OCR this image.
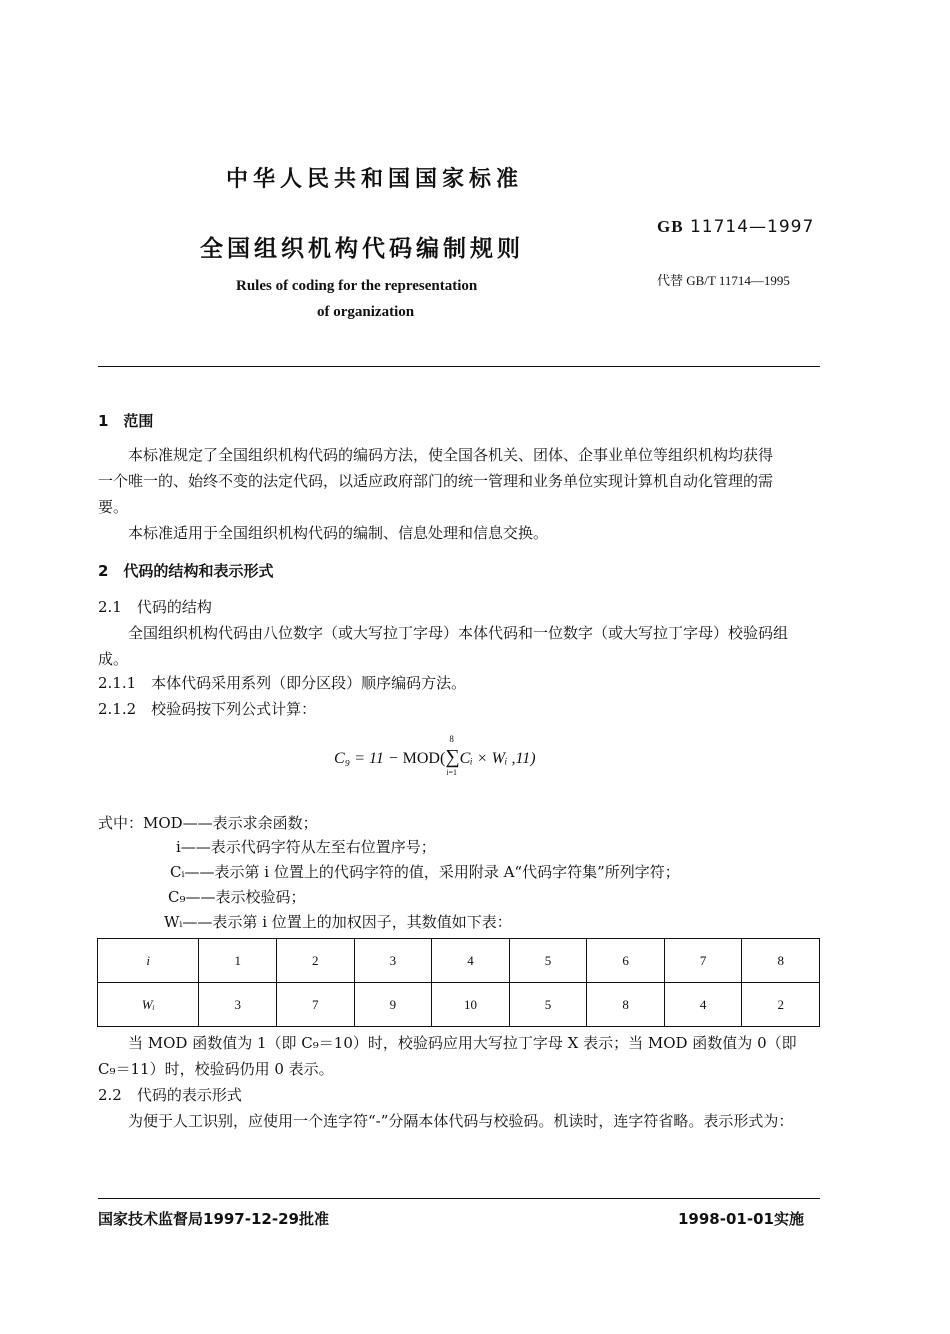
中华人民共和国国家标准
全国组织机构代码编制规则
Rules of coding for the representation
of organization
GB 11714—1997
代替 GB/T 11714—1995
1　范围
本标准规定了全国组织机构代码的编码方法，使全国各机关、团体、企事业单位等组织机构均获得
一个唯一的、始终不变的法定代码，以适应政府部门的统一管理和业务单位实现计算机自动化管理的需
要。
本标准适用于全国组织机构代码的编制、信息处理和信息交换。
2　代码的结构和表示形式
2.1　代码的结构
全国组织机构代码由八位数字（或大写拉丁字母）本体代码和一位数字（或大写拉丁字母）校验码组
成。
2.1.1　本体代码采用系列（即分区段）顺序编码方法。
2.1.2　校验码按下列公式计算：
C₉ = 11 − MOD(∑
8
i=1
Cᵢ × Wᵢ ,11)
式中：MOD——表示求余函数；
i——表示代码字符从左至右位置序号；
Cᵢ——表示第 i 位置上的代码字符的值，采用附录 A“代码字符集”所列字符；
C₉——表示校验码；
Wᵢ——表示第 i 位置上的加权因子，其数值如下表：
i	1	2	3	4	5	6	7	8
Wᵢ	3	7	9	10	5	8	4	2
当 MOD 函数值为 1（即 C₉＝10）时，校验码应用大写拉丁字母 X 表示；当 MOD 函数值为 0（即
C₉＝11）时，校验码仍用 0 表示。
2.2　代码的表示形式
为便于人工识别，应使用一个连字符“-”分隔本体代码与校验码。机读时，连字符省略。表示形式为：
国家技术监督局1997-12-29批准	1998-01-01实施
